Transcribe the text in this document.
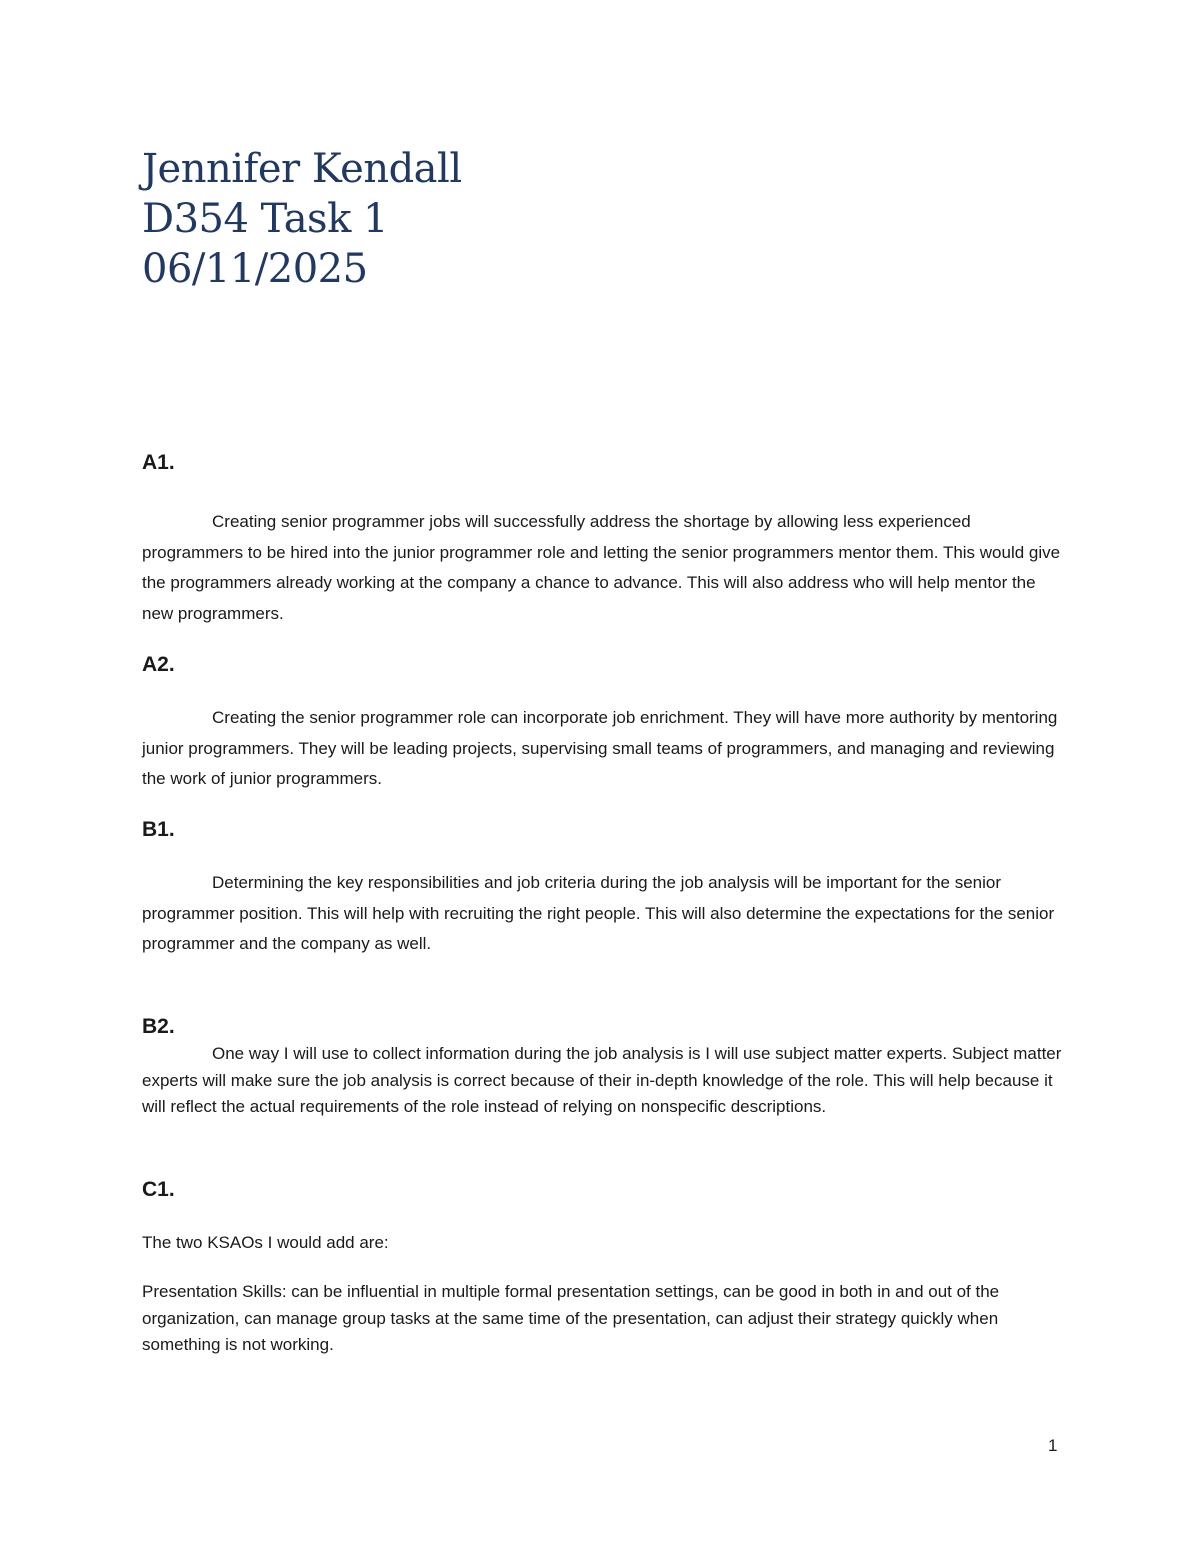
Jennifer Kendall
D354 Task 1
06/11/2025
A1.

Creating senior programmer jobs will successfully address the shortage by allowing less experienced programmers to be hired into the junior programmer role and letting the senior programmers mentor them. This would give the programmers already working at the company a chance to advance. This will also address who will help mentor the new programmers.

A2.

Creating the senior programmer role can incorporate job enrichment. They will have more authority by mentoring junior programmers. They will be leading projects, supervising small teams of programmers, and managing and reviewing the work of junior programmers.

B1.

Determining the key responsibilities and job criteria during the job analysis will be important for the senior programmer position. This will help with recruiting the right people. This will also determine the expectations for the senior programmer and the company as well.

B2.

One way I will use to collect information during the job analysis is I will use subject matter experts. Subject matter experts will make sure the job analysis is correct because of their in-depth knowledge of the role. This will help because it will reflect the actual requirements of the role instead of relying on nonspecific descriptions.

C1.

The two KSAOs I would add are:

Presentation Skills: can be influential in multiple formal presentation settings, can be good in both in and out of the organization, can manage group tasks at the same time of the presentation, can adjust their strategy quickly when something is not working.

1
